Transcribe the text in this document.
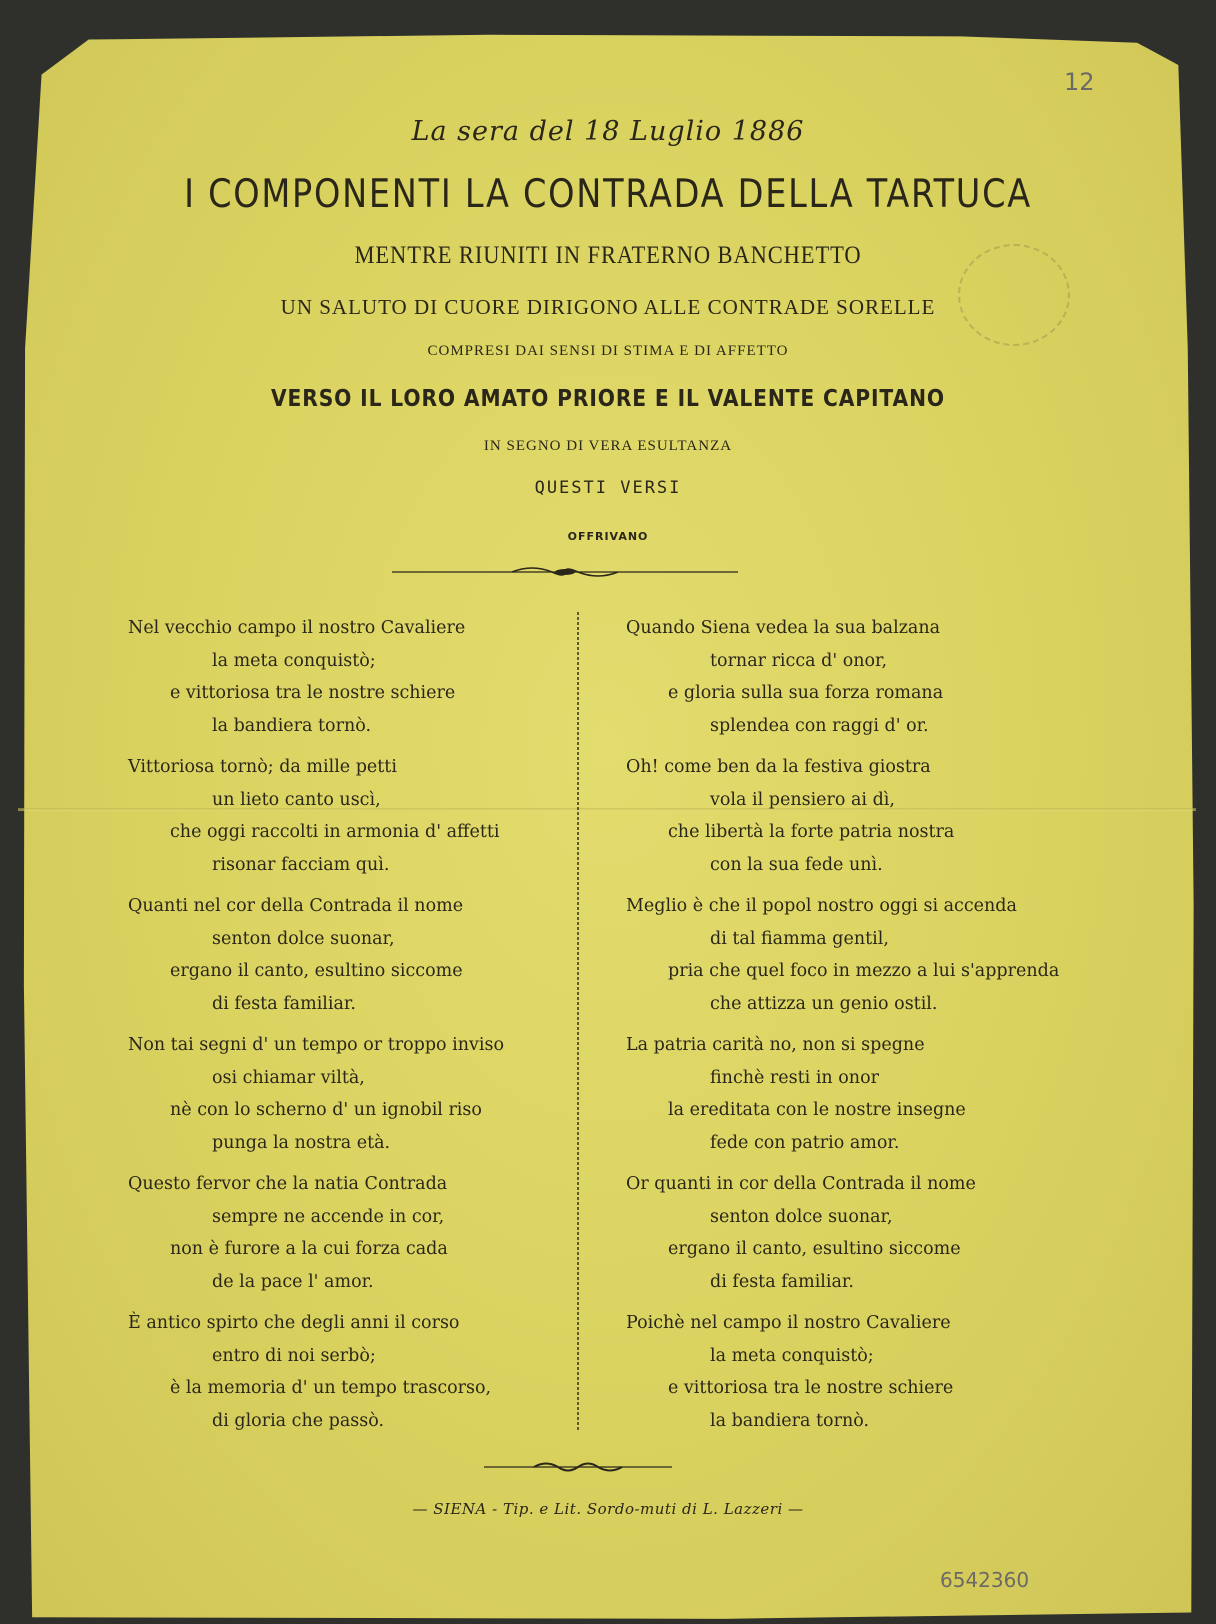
12
La sera del 18 Luglio 1886
I COMPONENTI LA CONTRADA DELLA TARTUCA
MENTRE RIUNITI IN FRATERNO BANCHETTO
UN SALUTO DI CUORE DIRIGONO ALLE CONTRADE SORELLE
COMPRESI DAI SENSI DI STIMA E DI AFFETTO
VERSO IL LORO AMATO PRIORE E IL VALENTE CAPITANO
IN SEGNO DI VERA ESULTANZA
QUESTI VERSI
OFFRIVANO
Nel vecchio campo il nostro Cavaliere
la meta conquistò;
e vittoriosa tra le nostre schiere
la bandiera tornò.
Vittoriosa tornò; da mille petti
un lieto canto uscì,
che oggi raccolti in armonia d' affetti
risonar facciam quì.
Quanti nel cor della Contrada il nome
senton dolce suonar,
ergano il canto, esultino siccome
di festa familiar.
Non tai segni d' un tempo or troppo inviso
osi chiamar viltà,
nè con lo scherno d' un ignobil riso
punga la nostra età.
Questo fervor che la natia Contrada
sempre ne accende in cor,
non è furore a la cui forza cada
de la pace l' amor.
È antico spirto che degli anni il corso
entro di noi serbò;
è la memoria d' un tempo trascorso,
di gloria che passò.
Quando Siena vedea la sua balzana
tornar ricca d' onor,
e gloria sulla sua forza romana
splendea con raggi d' or.
Oh! come ben da la festiva giostra
vola il pensiero ai dì,
che libertà la forte patria nostra
con la sua fede unì.
Meglio è che il popol nostro oggi si accenda
di tal fiamma gentil,
pria che quel foco in mezzo a lui s'apprenda
che attizza un genio ostil.
La patria carità no, non si spegne
finchè resti in onor
la ereditata con le nostre insegne
fede con patrio amor.
Or quanti in cor della Contrada il nome
senton dolce suonar,
ergano il canto, esultino siccome
di festa familiar.
Poichè nel campo il nostro Cavaliere
la meta conquistò;
e vittoriosa tra le nostre schiere
la bandiera tornò.
— SIENA - Tip. e Lit. Sordo-muti di L. Lazzeri —
6542360
